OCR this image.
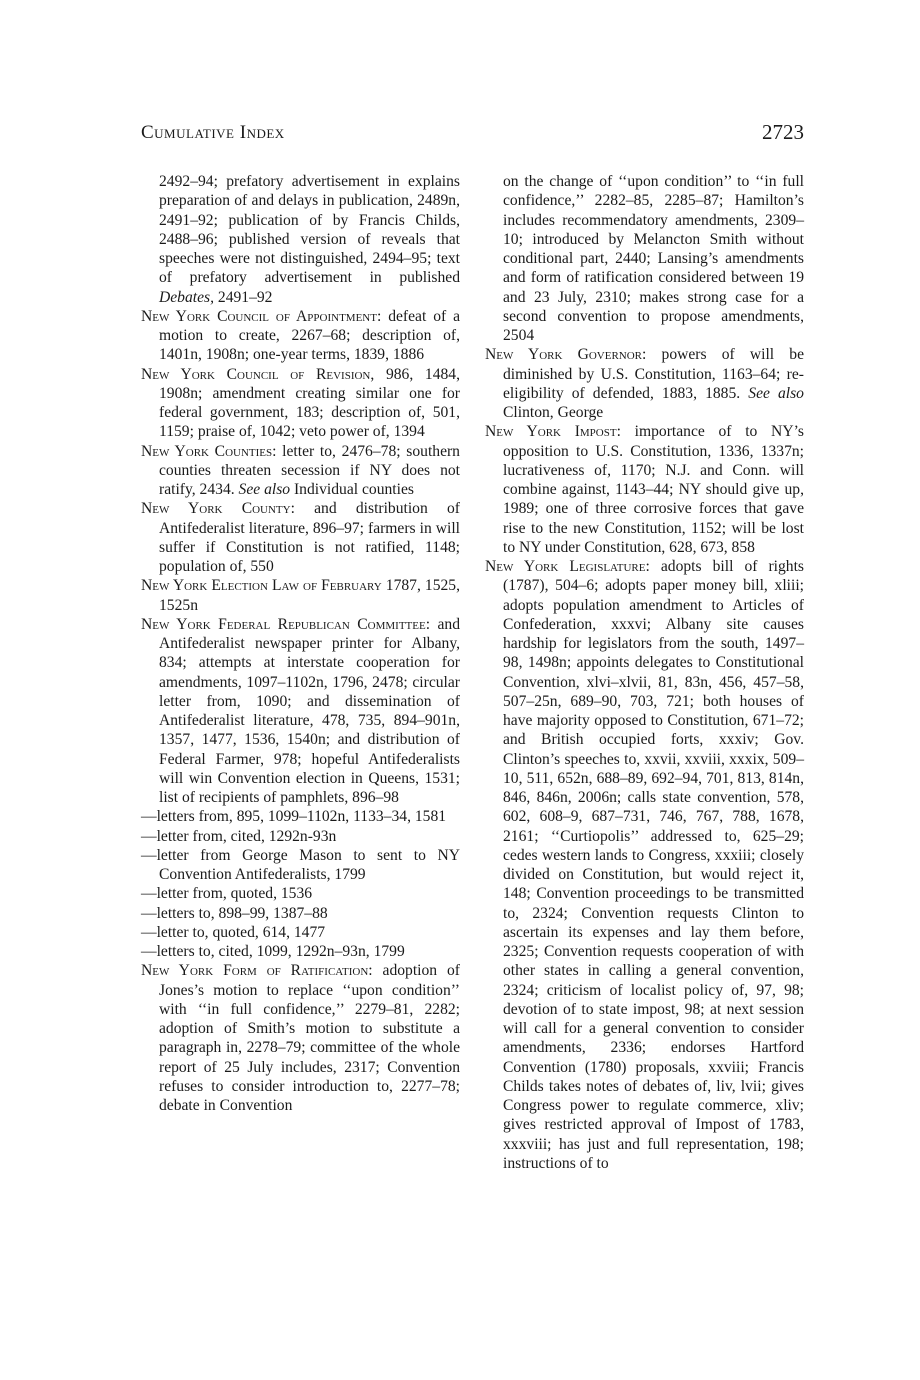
Cumulative Index	2723

2492–94; prefatory advertisement in explains preparation of and delays in publication, 2489n, 2491–92; publication of by Francis Childs, 2488–96; published version of reveals that speeches were not distinguished, 2494–95; text of prefatory advertisement in published Debates, 2491–92

New York Council of Appointment: defeat of a motion to create, 2267–68; description of, 1401n, 1908n; one-year terms, 1839, 1886

New York Council of Revision, 986, 1484, 1908n; amendment creating similar one for federal government, 183; description of, 501, 1159; praise of, 1042; veto power of, 1394

New York Counties: letter to, 2476–78; southern counties threaten secession if NY does not ratify, 2434. See also Individual counties

New York County: and distribution of Antifederalist literature, 896–97; farmers in will suffer if Constitution is not ratified, 1148; population of, 550

New York Election Law of February 1787, 1525, 1525n

New York Federal Republican Committee: and Antifederalist newspaper printer for Albany, 834; attempts at interstate cooperation for amendments, 1097–1102n, 1796, 2478; circular letter from, 1090; and dissemination of Antifederalist literature, 478, 735, 894–901n, 1357, 1477, 1536, 1540n; and distribution of Federal Farmer, 978; hopeful Antifederalists will win Convention election in Queens, 1531; list of recipients of pamphlets, 896–98

—letters from, 895, 1099–1102n, 1133–34, 1581

—letter from, cited, 1292n-93n

—letter from George Mason to sent to NY Convention Antifederalists, 1799

—letter from, quoted, 1536

—letters to, 898–99, 1387–88

—letter to, quoted, 614, 1477

—letters to, cited, 1099, 1292n–93n, 1799

New York Form of Ratification: adoption of Jones’s motion to replace ‘‘upon condition’’ with ‘‘in full confidence,’’ 2279–81, 2282; adoption of Smith’s motion to substitute a paragraph in, 2278–79; committee of the whole report of 25 July includes, 2317; Convention refuses to consider introduction to, 2277–78; debate in Convention

on the change of ‘‘upon condition’’ to ‘‘in full confidence,’’ 2282–85, 2285–87; Hamilton’s includes recommendatory amendments, 2309–10; introduced by Melancton Smith without conditional part, 2440; Lansing’s amendments and form of ratification considered between 19 and 23 July, 2310; makes strong case for a second convention to propose amendments, 2504

New York Governor: powers of will be diminished by U.S. Constitution, 1163–64; re-eligibility of defended, 1883, 1885. See also Clinton, George

New York Impost: importance of to NY’s opposition to U.S. Constitution, 1336, 1337n; lucrativeness of, 1170; N.J. and Conn. will combine against, 1143–44; NY should give up, 1989; one of three corrosive forces that gave rise to the new Constitution, 1152; will be lost to NY under Constitution, 628, 673, 858

New York Legislature: adopts bill of rights (1787), 504–6; adopts paper money bill, xliii; adopts population amendment to Articles of Confederation, xxxvi; Albany site causes hardship for legislators from the south, 1497–98, 1498n; appoints delegates to Constitutional Convention, xlvi–xlvii, 81, 83n, 456, 457–58, 507–25n, 689–90, 703, 721; both houses of have majority opposed to Constitution, 671–72; and British occupied forts, xxxiv; Gov. Clinton’s speeches to, xxvii, xxviii, xxxix, 509–10, 511, 652n, 688–89, 692–94, 701, 813, 814n, 846, 846n, 2006n; calls state convention, 578, 602, 608–9, 687–731, 746, 767, 788, 1678, 2161; ‘‘Curtiopolis’’ addressed to, 625–29; cedes western lands to Congress, xxxiii; closely divided on Constitution, but would reject it, 148; Convention proceedings to be transmitted to, 2324; Convention requests Clinton to ascertain its expenses and lay them before, 2325; Convention requests cooperation of with other states in calling a general convention, 2324; criticism of localist policy of, 97, 98; devotion of to state impost, 98; at next session will call for a general convention to consider amendments, 2336; endorses Hartford Convention (1780) proposals, xxviii; Francis Childs takes notes of debates of, liv, lvii; gives Congress power to regulate commerce, xliv; gives restricted approval of Impost of 1783, xxxviii; has just and full representation, 198; instructions of to
